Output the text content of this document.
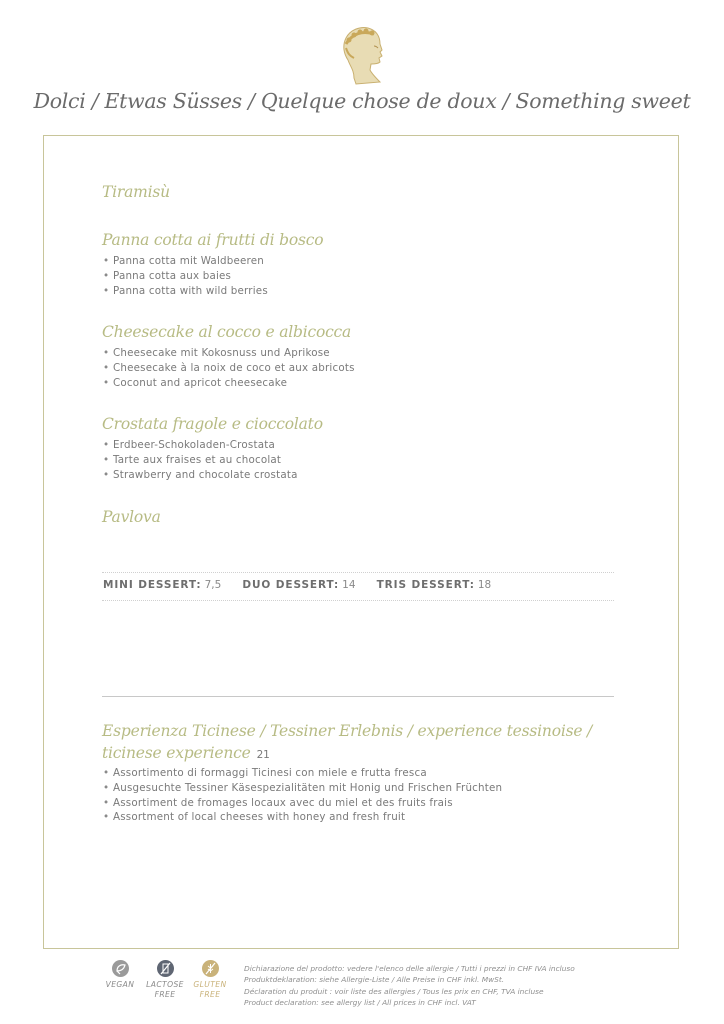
Dolci / Etwas Süsses / Quelque chose de doux / Something sweet
Tiramisù
Panna cotta ai frutti di bosco
• Panna cotta mit Waldbeeren
• Panna cotta aux baies
• Panna cotta with wild berries
Cheesecake al cocco e albicocca
• Cheesecake mit Kokosnuss und Aprikose
• Cheesecake à la noix de coco et aux abricots
• Coconut and apricot cheesecake
Crostata fragole e cioccolato
• Erdbeer-Schokoladen-Crostata
• Tarte aux fraises et au chocolat
• Strawberry and chocolate crostata
Pavlova
MINI DESSERT: 7,5 DUO DESSERT: 14 TRIS DESSERT: 18
Esperienza Ticinese / Tessiner Erlebnis / experience tessinoise /
ticinese experience 21
• Assortimento di formaggi Ticinesi con miele e frutta fresca
• Ausgesuchte Tessiner Käsespezialitäten mit Honig und Frischen Früchten
• Assortiment de fromages locaux avec du miel et des fruits frais
• Assortment of local cheeses with honey and fresh fruit
VEGAN	LACTOSE
FREE
GLUTEN
FREE
Dichiarazione del prodotto: vedere l'elenco delle allergie / Tutti i prezzi in CHF IVA incluso
Produktdeklaration: siehe Allergie-Liste / Alle Preise in CHF inkl. MwSt.
Déclaration du produit : voir liste des allergies / Tous les prix en CHF, TVA incluse
Product declaration: see allergy list / All prices in CHF incl. VAT
